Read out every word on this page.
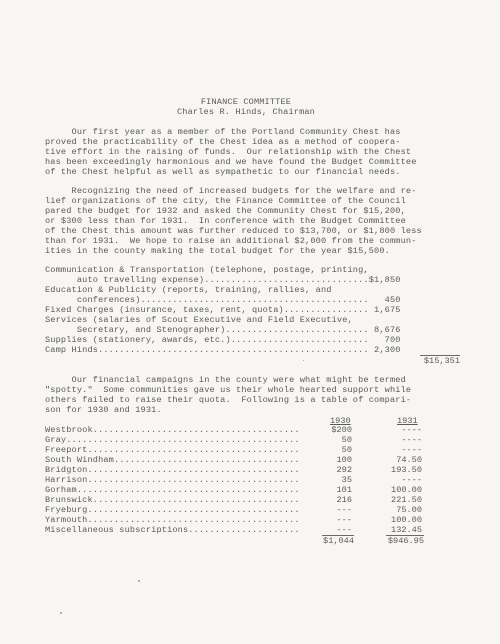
FINANCE COMMITTEE
Charles R. Hinds, Chairman
Our first year as a member of the Portland Community Chest has
proved the practicability of the Chest idea as a method of coopera-
tive effort in the raising of funds.  Our relationship with the Chest
has been exceedingly harmonious and we have found the Budget Committee
of the Chest helpful as well as sympathetic to our financial needs.
Recognizing the need of increased budgets for the welfare and re-
lief organizations of the city, the Finance Committee of the Council
pared the budget for 1932 and asked the Community Chest for $15,200,
or $300 less than for 1931.  In conference with the Budget Committee
of the Chest this amount was further reduced to $13,700, or $1,800 less
than for 1931.  We hope to raise an additional $2,000 from the commun-
ities in the county making the total budget for the year $15,500.
Communication & Transportation (telephone, postage, printing,
auto travelling expense)...............................$1,850
Education & Publicity (reports, training, rallies, and
conferences)...........................................   450
Fixed Charges (insurance, taxes, rent, quota)................ 1,675
Services (salaries of Scout Executive and Field Executive,
Secretary, and Stenographer)........................... 8,676
Supplies (stationery, awards, etc.)..........................   700
Camp Hinds................................................... 2,300
$15,351
Our financial campaigns in the county were what might be termed
"spotty."  Some communities gave us their whole hearted support while
others failed to raise their quota.  Following is a table of compari-
son for 1930 and 1931.
1930	1931
Westbrook.......................................	$200	----
Gray............................................	50	----
Freeport........................................	50	----
South Windham...................................	100	74.50
Bridgton........................................	292	193.50
Harrison........................................	35	----
Gorham..........................................	101	100.00
Brunswick.......................................	216	221.50
Fryeburg........................................	---	75.00
Yarmouth........................................	---	100.00
Miscellaneous subscriptions.....................	---	132.45
$1,044	$946.95
